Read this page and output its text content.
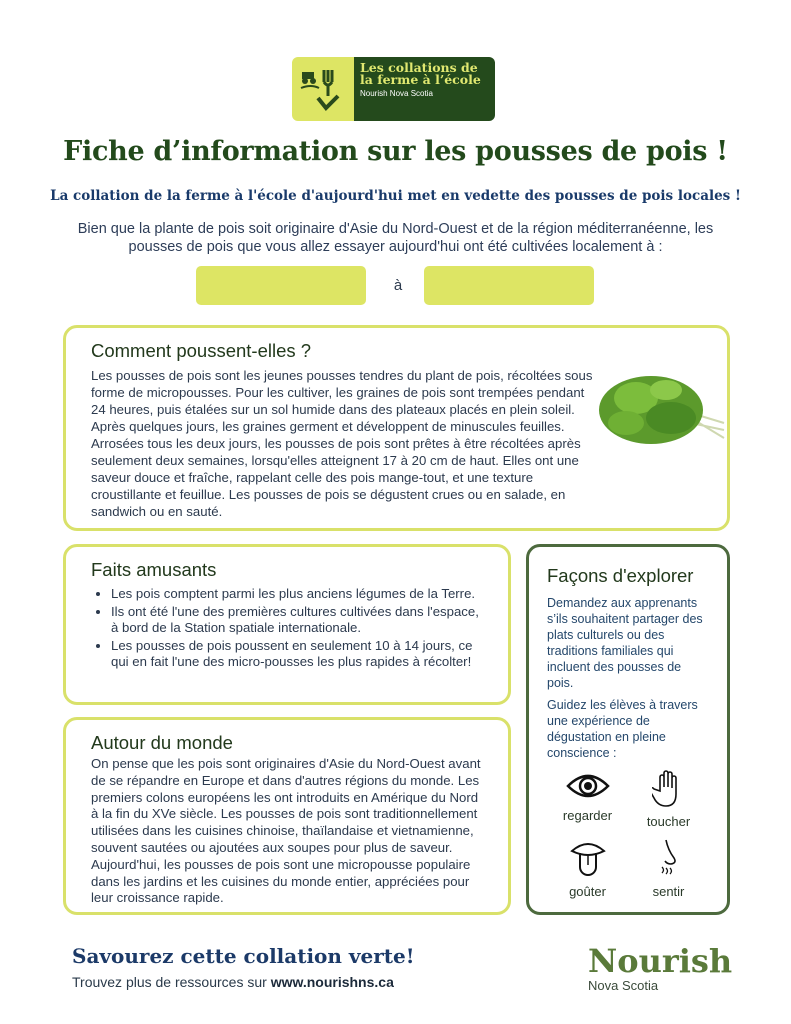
Les collations de la ferme à l’école
Nourish Nova Scotia
Fiche d’information sur les pousses de pois !
La collation de la ferme à l'école d'aujourd'hui met en vedette des pousses de pois locales !
Bien que la plante de pois soit originaire d'Asie du Nord-Ouest et de la région méditerranéenne, les pousses de pois que vous allez essayer aujourd'hui ont été cultivées localement à :
à
Comment poussent-elles ?

Les pousses de pois sont les jeunes pousses tendres du plant de pois, récoltées sous forme de micropousses. Pour les cultiver, les graines de pois sont trempées pendant 24 heures, puis étalées sur un sol humide dans des plateaux placés en plein soleil. Après quelques jours, les graines germent et développent de minuscules feuilles. Arrosées tous les deux jours, les pousses de pois sont prêtes à être récoltées après seulement deux semaines, lorsqu'elles atteignent 17 à 20 cm de haut. Elles ont une saveur douce et fraîche, rappelant celle des pois mange-tout, et une texture croustillante et feuillue. Les pousses de pois se dégustent crues ou en salade, en sandwich ou en sauté.

Faits amusants
• Les pois comptent parmi les plus anciens légumes de la Terre.
• Ils ont été l'une des premières cultures cultivées dans l'espace, à bord de la Station spatiale internationale.
• Les pousses de pois poussent en seulement 10 à 14 jours, ce qui en fait l'une des micro-pousses les plus rapides à récolter!
Autour du monde

On pense que les pois sont originaires d'Asie du Nord-Ouest avant de se répandre en Europe et dans d'autres régions du monde. Les premiers colons européens les ont introduits en Amérique du Nord à la fin du XVe siècle. Les pousses de pois sont traditionnellement utilisées dans les cuisines chinoise, thaïlandaise et vietnamienne, souvent sautées ou ajoutées aux soupes pour plus de saveur. Aujourd'hui, les pousses de pois sont une micropousse populaire dans les jardins et les cuisines du monde entier, appréciées pour leur croissance rapide.

Façons d'explorer

Demandez aux apprenants s’ils souhaitent partager des plats culturels ou des traditions familiales qui incluent des pousses de pois.

Guidez les élèves à travers une expérience de dégustation en pleine conscience :

regarder	toucher
goûter	sentir
Savourez cette collation verte!
Trouvez plus de ressources sur www.nourishns.ca
Nourish
Nova Scotia
